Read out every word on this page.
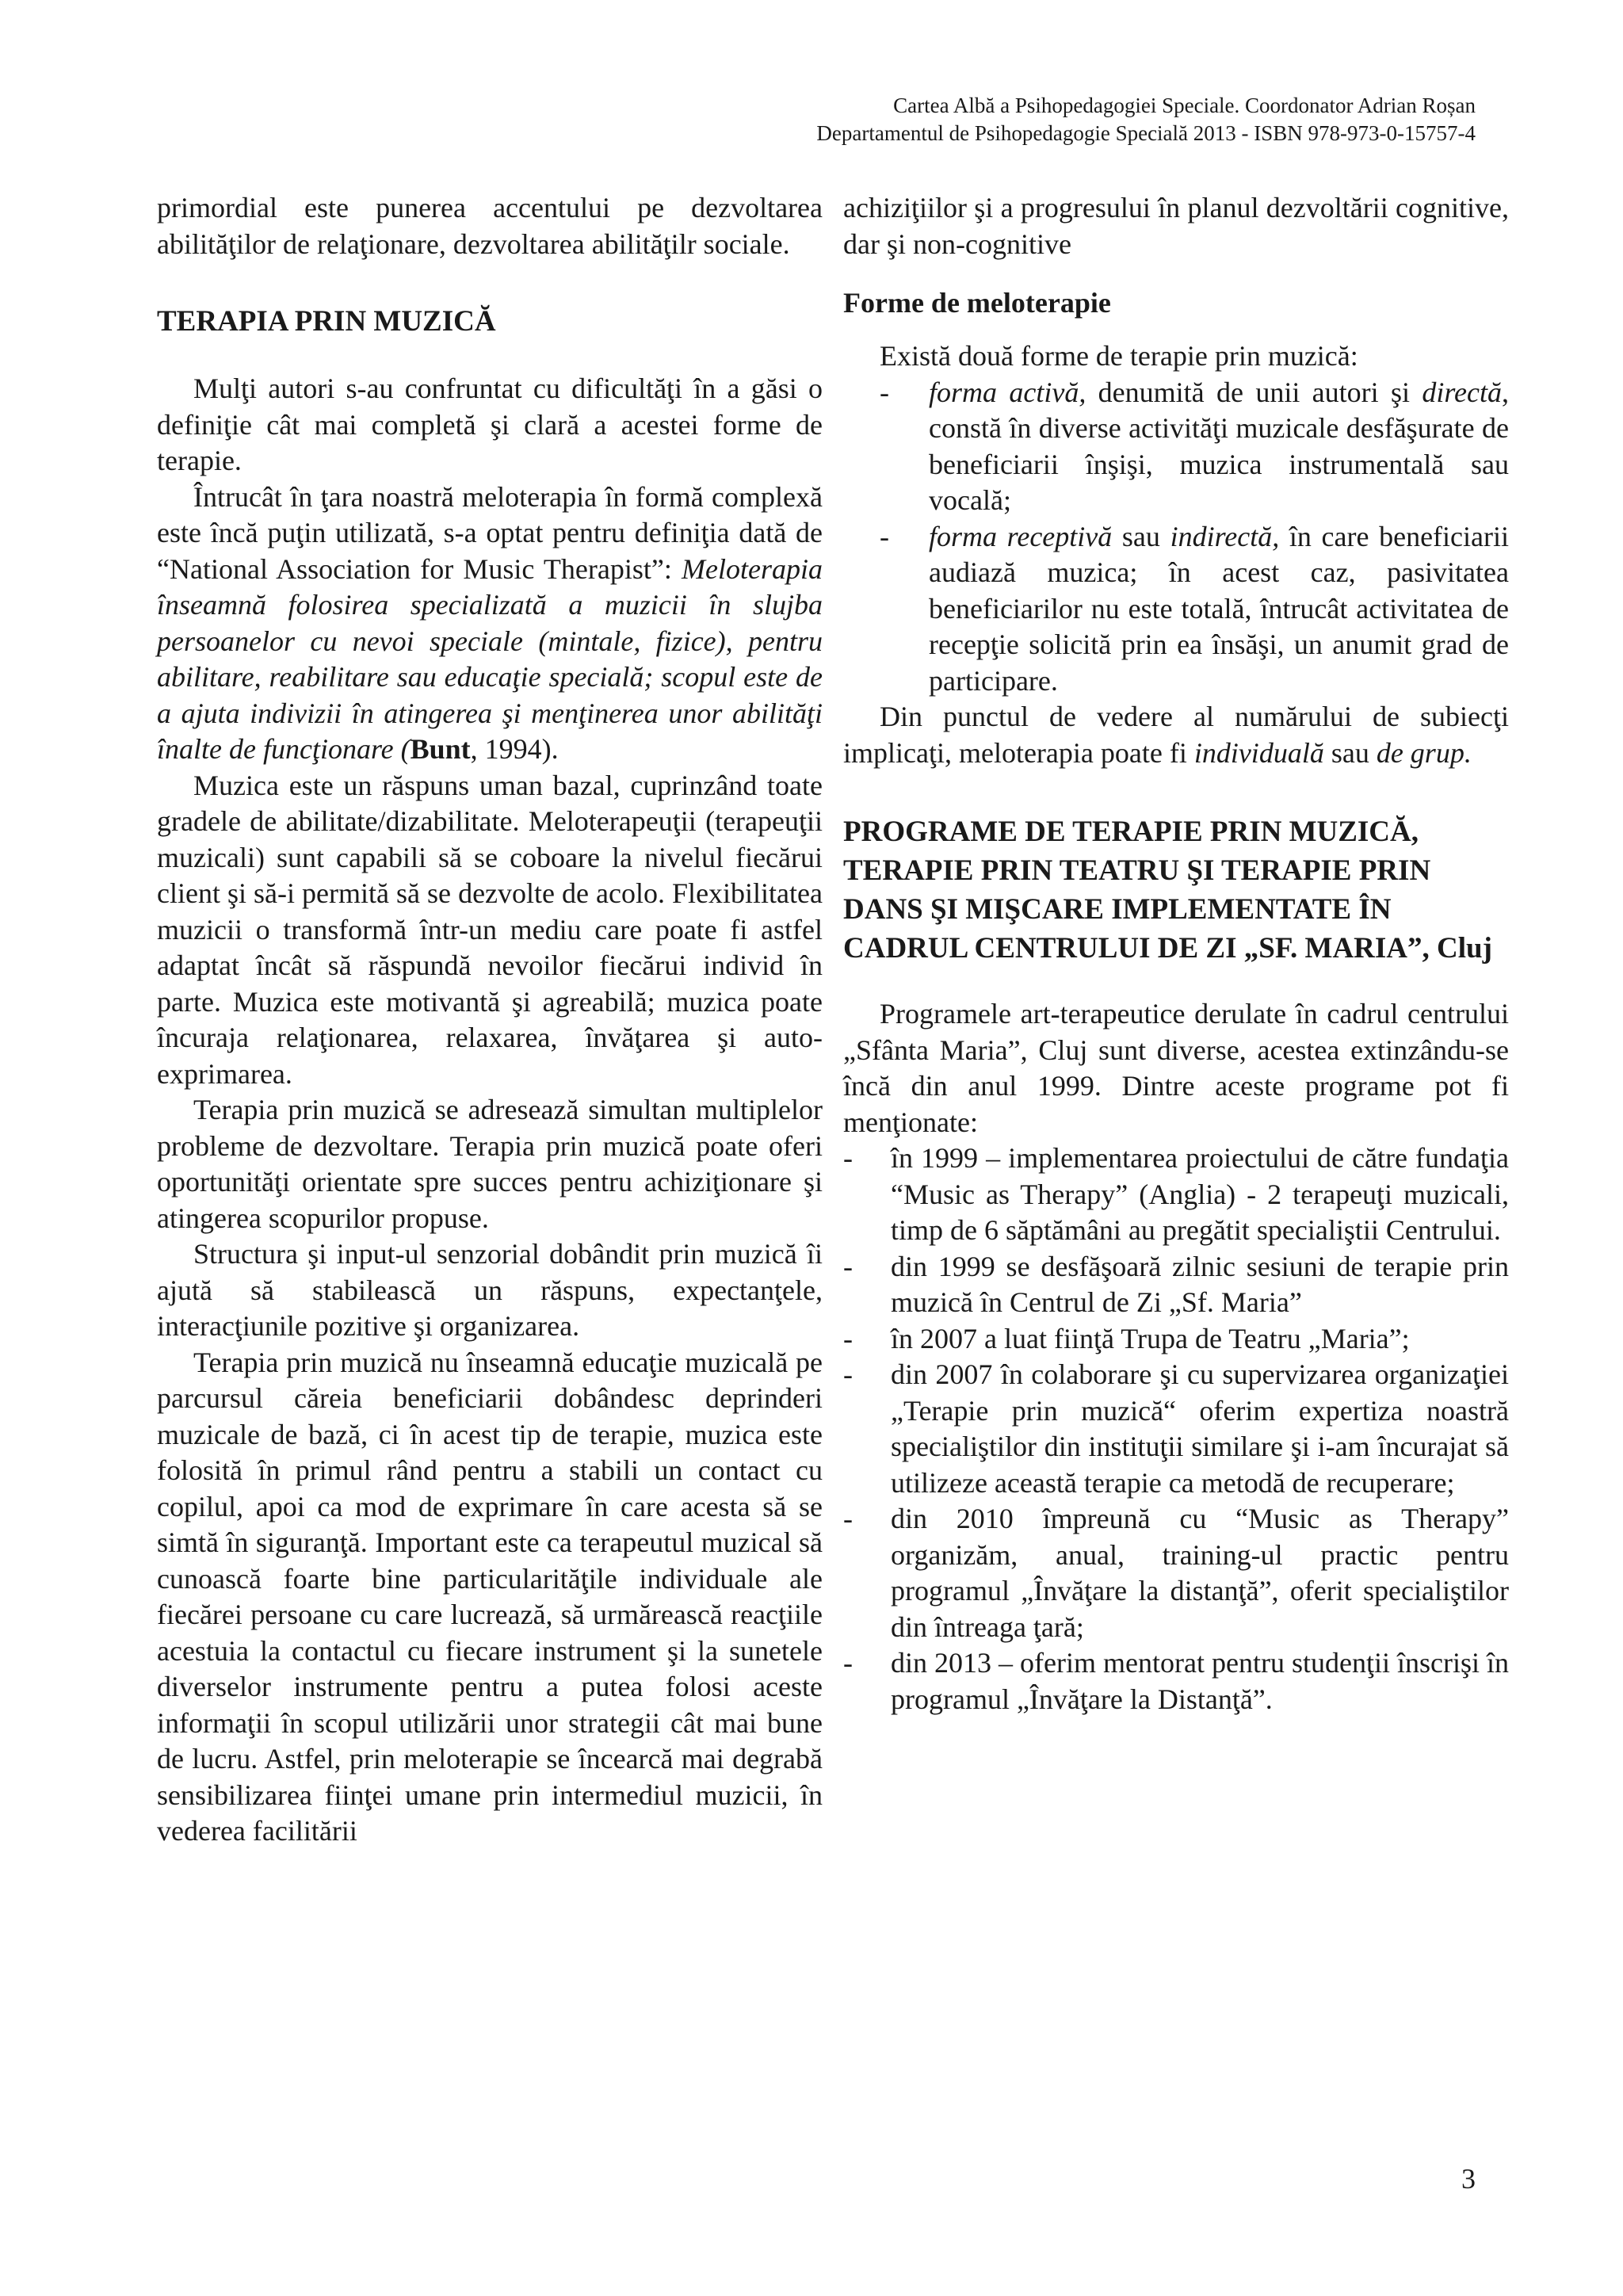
Cartea Albă a Psihopedagogiei Speciale. Coordonator Adrian Roșan
Departamentul de Psihopedagogie Specială 2013 - ISBN 978-973-0-15757-4

primordial este punerea accentului pe dezvoltarea abilităţilor de relaţionare, dezvoltarea abilităţilr sociale.

TERAPIA PRIN MUZICĂ

Mulţi autori s-au confruntat cu dificultăţi în a găsi o definiţie cât mai completă şi clară a acestei forme de terapie.

Întrucât în ţara noastră meloterapia în formă complexă este încă puţin utilizată, s-a optat pentru definiţia dată de “National Association for Music Therapist”: Meloterapia înseamnă folosirea specializată a muzicii în slujba persoanelor cu nevoi speciale (mintale, fizice), pentru abilitare, reabilitare sau educaţie specială; scopul este de a ajuta indivizii în atingerea şi menţinerea unor abilităţi înalte de funcţionare (Bunt, 1994).

Muzica este un răspuns uman bazal, cuprinzând toate gradele de abilitate/dizabilitate. Meloterapeuţii (terapeuţii muzicali) sunt capabili să se coboare la nivelul fiecărui client şi să-i permită să se dezvolte de acolo. Flexibilitatea muzicii o transformă într-un mediu care poate fi astfel adaptat încât să răspundă nevoilor fiecărui individ în parte. Muzica este motivantă şi agreabilă; muzica poate încuraja relaţionarea, relaxarea, învăţarea şi auto-exprimarea.

Terapia prin muzică se adresează simultan multiplelor probleme de dezvoltare. Terapia prin muzică poate oferi oportunităţi orientate spre succes pentru achiziţionare şi atingerea scopurilor propuse.

Structura şi input-ul senzorial dobândit prin muzică îi ajută să stabilească un răspuns, expectanţele, interacţiunile pozitive şi organizarea.

Terapia prin muzică nu înseamnă educaţie muzicală pe parcursul căreia beneficiarii dobândesc deprinderi muzicale de bază, ci în acest tip de terapie, muzica este folosită în primul rând pentru a stabili un contact cu copilul, apoi ca mod de exprimare în care acesta să se simtă în siguranţă. Important este ca terapeutul muzical să cunoască foarte bine particularităţile individuale ale fiecărei persoane cu care lucrează, să urmărească reacţiile acestuia la contactul cu fiecare instrument şi la sunetele diverselor instrumente pentru a putea folosi aceste informaţii în scopul utilizării unor strategii cât mai bune de lucru. Astfel, prin meloterapie se încearcă mai degrabă sensibilizarea fiinţei umane prin intermediul muzicii, în vederea facilitării

achiziţiilor şi a progresului în planul dezvoltării cognitive, dar şi non-cognitive

Forme de meloterapie

Există două forme de terapie prin muzică:

- forma activă, denumită de unii autori şi directă, constă în diverse activităţi muzicale desfăşurate de beneficiarii înşişi, muzica instrumentală sau vocală;
- forma receptivă sau indirectă, în care beneficiarii audiază muzica; în acest caz, pasivitatea beneficiarilor nu este totală, întrucât activitatea de recepţie solicită prin ea însăşi, un anumit grad de participare.

Din punctul de vedere al numărului de subiecţi implicaţi, meloterapia poate fi individuală sau de grup.

PROGRAME DE TERAPIE PRIN MUZICĂ, TERAPIE PRIN TEATRU ŞI TERAPIE PRIN DANS ŞI MIŞCARE IMPLEMENTATE ÎN CADRUL CENTRULUI DE ZI „SF. MARIA”, Cluj

Programele art-terapeutice derulate în cadrul centrului „Sfânta Maria”, Cluj sunt diverse, acestea extinzându-se încă din anul 1999. Dintre aceste programe pot fi menţionate:

- în 1999 – implementarea proiectului de către fundaţia “Music as Therapy” (Anglia) - 2 terapeuţi muzicali, timp de 6 săptămâni au pregătit specialiştii Centrului.
- din 1999 se desfăşoară zilnic sesiuni de terapie prin muzică în Centrul de Zi „Sf. Maria”
- în 2007 a luat fiinţă Trupa de Teatru „Maria”;
- din 2007 în colaborare şi cu supervizarea organizaţiei „Terapie prin muzică“ oferim expertiza noastră specialiştilor din instituţii similare şi i-am încurajat să utilizeze această terapie ca metodă de recuperare;
- din 2010 împreună cu “Music as Therapy” organizăm, anual, training-ul practic pentru programul „Învăţare la distanţă”, oferit specialiştilor din întreaga ţară;
- din 2013 – oferim mentorat pentru studenţii înscrişi în programul „Învăţare la Distanţă”.
3
